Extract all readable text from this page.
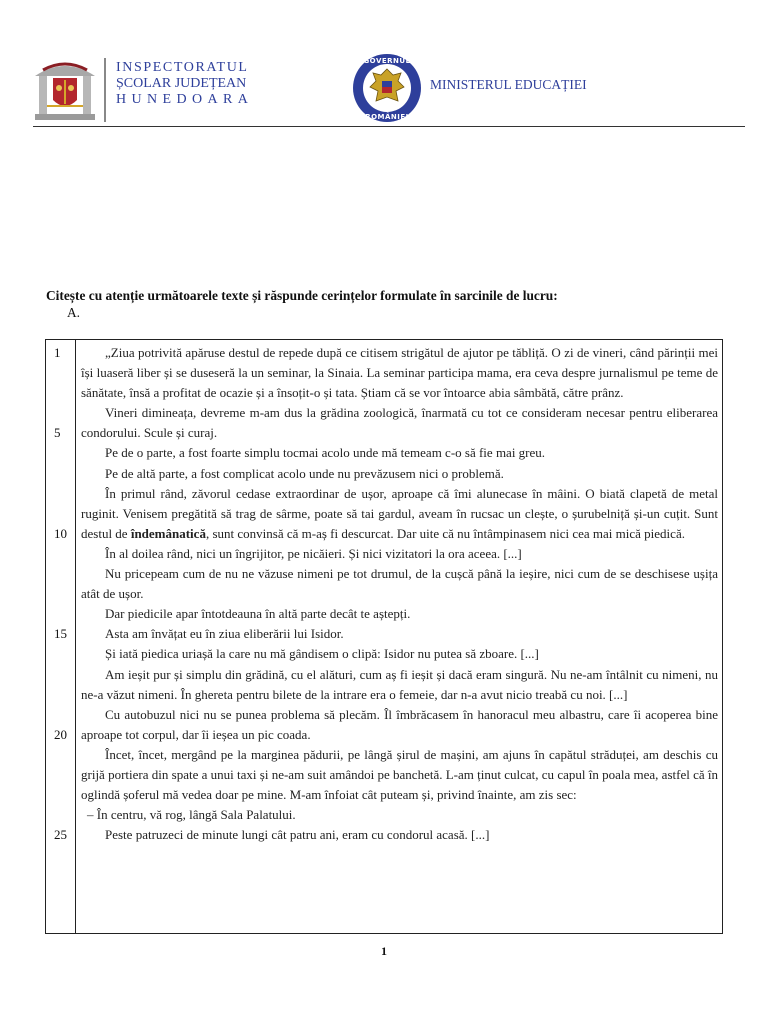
INSPECTORATUL
ȘCOLAR JUDEȚEAN
HUNEDOARA
GOVERNUL
ROMÂNIEI
MINISTERUL EDUCAȚIEI
Citește cu atenție următoarele texte și răspunde cerințelor formulate în sarcinile de lucru:
A.
1
5
10
15
20
25

„Ziua potrivită apăruse destul de repede după ce citisem strigătul de ajutor pe tăbliță. O zi de vineri, când părinții mei își luaseră liber și se duseseră la un seminar, la Sinaia. La seminar participa mama, era ceva despre jurnalismul pe teme de sănătate, însă a profitat de ocazie și a însoțit-o și tata. Știam că se vor întoarce abia sâmbătă, către prânz.

Vineri dimineața, devreme m-am dus la grădina zoologică, înarmată cu tot ce consideram necesar pentru eliberarea condorului. Scule și curaj.

Pe de o parte, a fost foarte simplu tocmai acolo unde mă temeam c-o să fie mai greu.

Pe de altă parte, a fost complicat acolo unde nu prevăzusem nici o problemă.

În primul rând, zăvorul cedase extraordinar de ușor, aproape că îmi alunecase în mâini. O biată clapetă de metal ruginit. Venisem pregătită să trag de sârme, poate să tai gardul, aveam în rucsac un clește, o șurubelniță și-un cuțit. Sunt destul de îndemânatică, sunt convinsă că m-aș fi descurcat. Dar uite că nu întâmpinasem nici cea mai mică piedică.

În al doilea rând, nici un îngrijitor, pe nicăieri. Și nici vizitatori la ora aceea. [...]

Nu pricepeam cum de nu ne văzuse nimeni pe tot drumul, de la cușcă până la ieșire, nici cum de se deschisese ușița atât de ușor.

Dar piedicile apar întotdeauna în altă parte decât te aștepți.

Asta am învățat eu în ziua eliberării lui Isidor.

Și iată piedica uriașă la care nu mă gândisem o clipă: Isidor nu putea să zboare. [...]

Am ieșit pur și simplu din grădină, cu el alături, cum aș fi ieșit și dacă eram singură. Nu ne-am întâlnit cu nimeni, nu ne-a văzut nimeni. În ghereta pentru bilete de la intrare era o femeie, dar n-a avut nicio treabă cu noi. [...]

Cu autobuzul nici nu se punea problema să plecăm. Îl îmbrăcasem în hanoracul meu albastru, care îi acoperea bine aproape tot corpul, dar îi ieșea un pic coada.

Încet, încet, mergând pe la marginea pădurii, pe lângă șirul de mașini, am ajuns în capătul străduței, am deschis cu grijă portiera din spate a unui taxi și ne-am suit amândoi pe banchetă. L-am ținut culcat, cu capul în poala mea, astfel că în oglindă șoferul mă vedea doar pe mine. M-am înfoiat cât puteam și, privind înainte, am zis sec:

– În centru, vă rog, lângă Sala Palatului.

Peste patruzeci de minute lungi cât patru ani, eram cu condorul acasă. [...]

1
